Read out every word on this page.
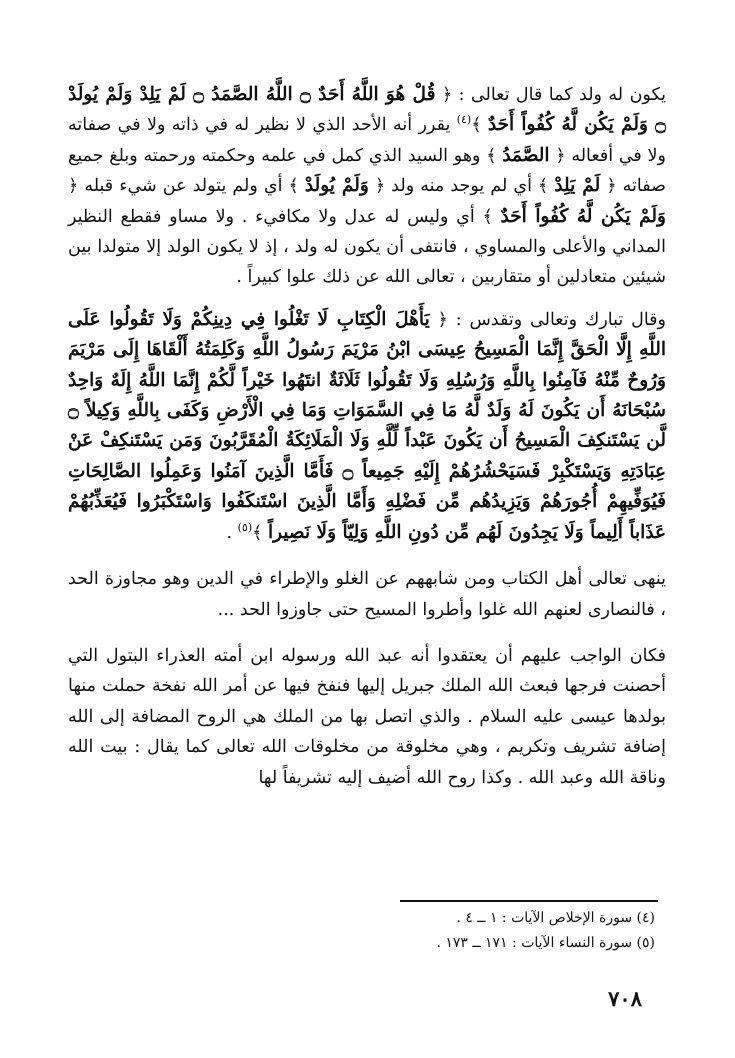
يكون له ولد كما قال تعالى : ﴿ قُلْ هُوَ اللَّهُ أَحَدٌ ۝ اللَّهُ الصَّمَدُ ۝ لَمْ يَلِدْ وَلَمْ يُولَدْ ۝ وَلَمْ يَكُن لَّهُ كُفُواً أَحَدٌ ﴾$^{(٤)}$ يقرر أنه الأحد الذي لا نظير له في ذاته ولا في صفاته ولا في أفعاله ﴿ الصَّمَدُ ﴾ وهو السيد الذي كمل في علمه وحكمته ورحمته وبلغ جميع صفاته ﴿ لَمْ يَلِدْ ﴾ أي لم يوجد منه ولد ﴿ وَلَمْ يُولَدْ ﴾ أي ولم يتولد عن شيء قبله ﴿ وَلَمْ يَكُن لَّهُ كُفُواً أَحَدٌ ﴾ أي وليس له عدل ولا مكافيء . ولا مساو فقطع النظير المداني والأعلى والمساوي ، فانتفى أن يكون له ولد ، إذ لا يكون الولد إلا متولدا بين شيئين متعادلين أو متقاربين ، تعالى الله عن ذلك علوا كبيراً .

وقال تبارك وتعالى وتقدس : ﴿ يَأَهْلَ الْكِتَابِ لَا تَغْلُوا فِي دِينِكُمْ وَلَا تَقُولُوا عَلَى اللَّهِ إِلَّا الْحَقَّ إِنَّمَا الْمَسِيحُ عِيسَى ابْنُ مَرْيَمَ رَسُولُ اللَّهِ وَكَلِمَتُهُ أَلْقَاهَا إِلَى مَرْيَمَ وَرُوحٌ مِّنْهُ فَآمِنُوا بِاللَّهِ وَرُسُلِهِ وَلَا تَقُولُوا ثَلَاثَةٌ انتَهُوا خَيْراً لَّكُمْ إِنَّمَا اللَّهُ إِلَهٌ وَاحِدٌ سُبْحَانَهُ أَن يَكُونَ لَهُ وَلَدٌ لَّهُ مَا فِي السَّمَوَاتِ وَمَا فِي الْأَرْضِ وَكَفَى بِاللَّهِ وَكِيلاً ۝ لَّن يَسْتَنكِفَ الْمَسِيحُ أَن يَكُونَ عَبْداً لِّلَّهِ وَلَا الْمَلَائِكَةُ الْمُقَرَّبُونَ وَمَن يَسْتَنكِفْ عَنْ عِبَادَتِهِ وَيَسْتَكْبِرْ فَسَيَحْشُرُهُمْ إِلَيْهِ جَمِيعاً ۝ فَأَمَّا الَّذِينَ آمَنُوا وَعَمِلُوا الصَّالِحَاتِ فَيُوَفِّيهِمْ أُجُورَهُمْ وَيَزِيدُهُم مِّن فَضْلِهِ وَأَمَّا الَّذِينَ اسْتَنكَفُوا وَاسْتَكْبَرُوا فَيُعَذِّبُهُمْ عَذَاباً أَلِيماً وَلَا يَجِدُونَ لَهُم مِّن دُونِ اللَّهِ وَلِيّاً وَلَا نَصِيراً ﴾$^{(٥)}$ .

ينهى تعالى أهل الكتاب ومن شابههم عن الغلو والإطراء في الدين وهو مجاوزة الحد ، فالنصارى لعنهم الله غلوا وأطروا المسيح حتى جاوزوا الحد ...

فكان الواجب عليهم أن يعتقدوا أنه عبد الله ورسوله ابن أمته العذراء البتول التي أحصنت فرجها فبعث الله الملك جبريل إليها فنفخ فيها عن أمر الله نفخة حملت منها بولدها عيسى عليه السلام . والذي اتصل بها من الملك هي الروح المضافة إلى الله إضافة تشريف وتكريم ، وهي مخلوقة من مخلوقات الله تعالى كما يقال : بيت الله وناقة الله وعبد الله . وكذا روح الله أضيف إليه تشريفاً لها

(٤) سورة الإخلاص الآيات : ١ ــ ٤ .

(٥) سورة النساء الآيات : ١٧١ ــ ١٧٣ .

٧٠٨
